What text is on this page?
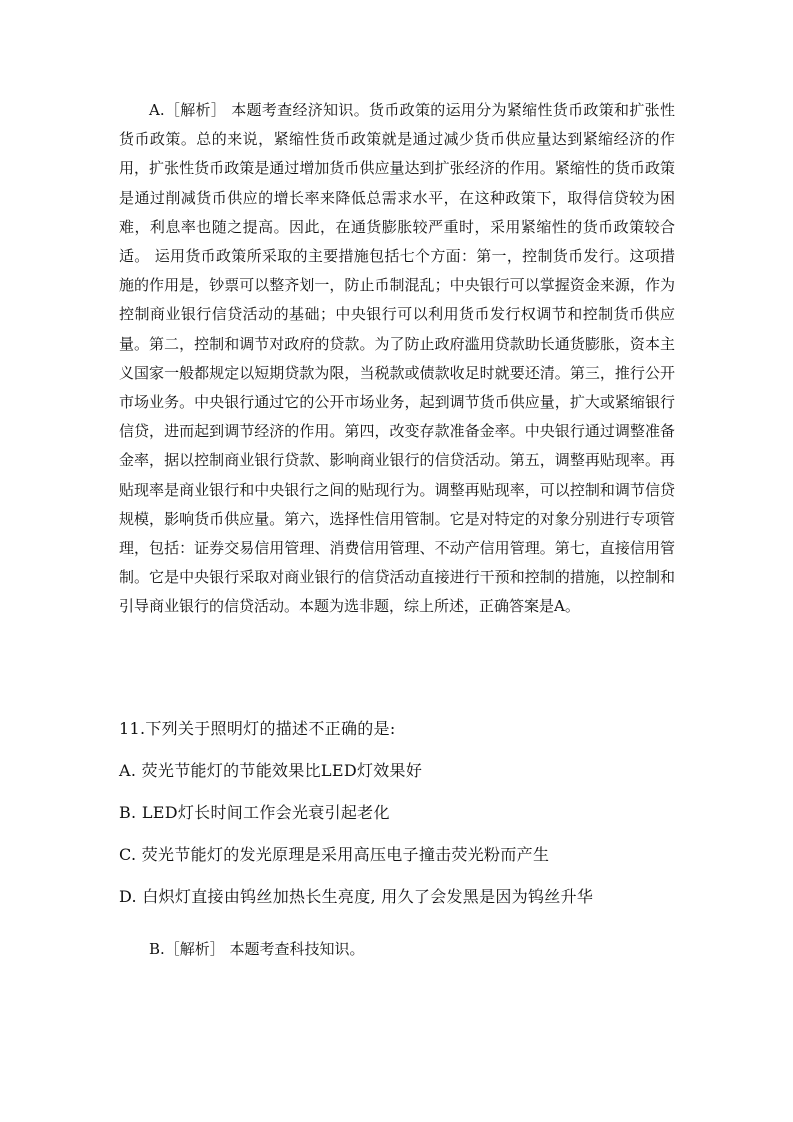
A.［解析］ 本题考查经济知识。货币政策的运用分为紧缩性货币政策和扩张性货币政策。总的来说，紧缩性货币政策就是通过减少货币供应量达到紧缩经济的作用，扩张性货币政策是通过增加货币供应量达到扩张经济的作用。紧缩性的货币政策是通过削减货币供应的增长率来降低总需求水平，在这种政策下，取得信贷较为困难，利息率也随之提高。因此，在通货膨胀较严重时，采用紧缩性的货币政策较合适。 运用货币政策所采取的主要措施包括七个方面：第一，控制货币发行。这项措施的作用是，钞票可以整齐划一，防止币制混乱；中央银行可以掌握资金来源，作为控制商业银行信贷活动的基础；中央银行可以利用货币发行权调节和控制货币供应量。第二，控制和调节对政府的贷款。为了防止政府滥用贷款助长通货膨胀，资本主义国家一般都规定以短期贷款为限，当税款或债款收足时就要还清。第三，推行公开市场业务。中央银行通过它的公开市场业务，起到调节货币供应量，扩大或紧缩银行信贷，进而起到调节经济的作用。第四，改变存款准备金率。中央银行通过调整准备金率，据以控制商业银行贷款、影响商业银行的信贷活动。第五，调整再贴现率。再贴现率是商业银行和中央银行之间的贴现行为。调整再贴现率，可以控制和调节信贷规模，影响货币供应量。第六，选择性信用管制。它是对特定的对象分别进行专项管理，包括：证券交易信用管理、消费信用管理、不动产信用管理。第七，直接信用管制。它是中央银行采取对商业银行的信贷活动直接进行干预和控制的措施，以控制和引导商业银行的信贷活动。本题为选非题，综上所述，正确答案是A。

11.下列关于照明灯的描述不正确的是:

A. 荧光节能灯的节能效果比LED灯效果好

B. LED灯长时间工作会光衰引起老化

C. 荧光节能灯的发光原理是采用高压电子撞击荧光粉而产生

D. 白炽灯直接由钨丝加热长生亮度, 用久了会发黑是因为钨丝升华

B.［解析］ 本题考查科技知识。
